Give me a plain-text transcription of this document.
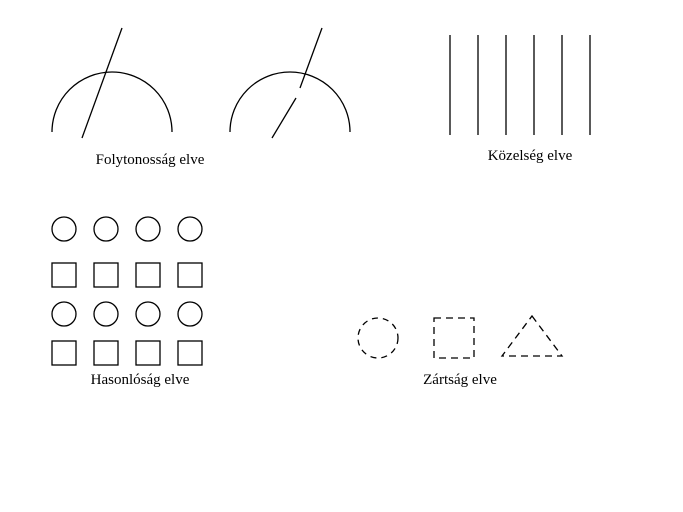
Folytonosság elve	Közelség elve
Hasonlóság elve	Zártság elve
